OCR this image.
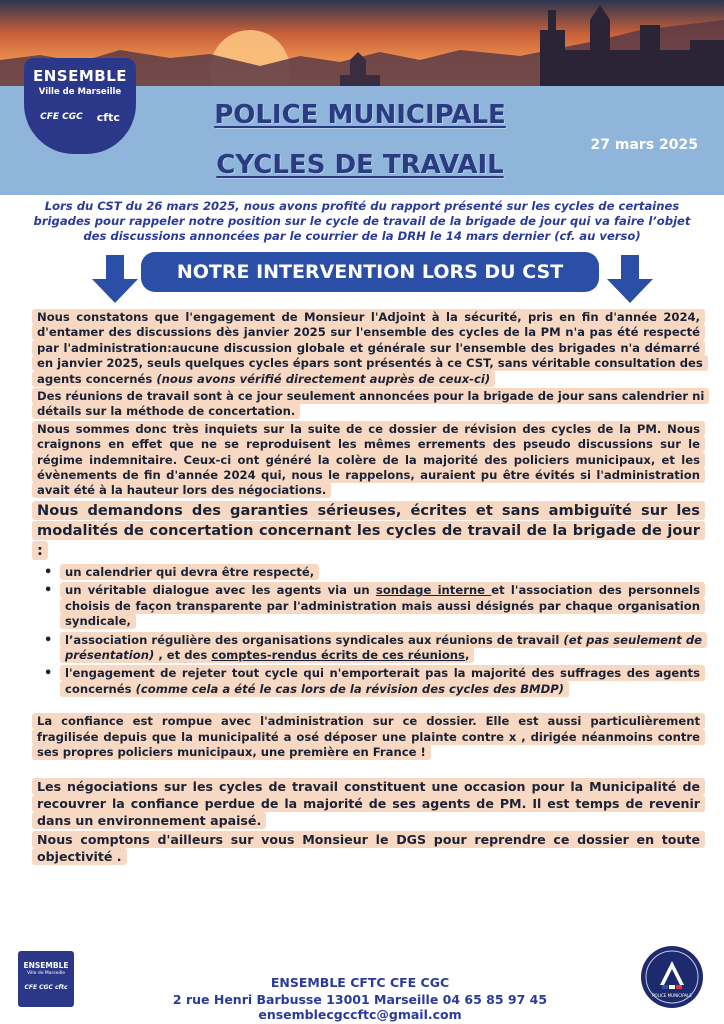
ENSEMBLE
Ville de Marseille
CFE CGC cftc	POLICE MUNICIPALE
CYCLES DE TRAVAIL
27 mars 2025
Lors du CST du 26 mars 2025, nous avons profité du rapport présenté sur les cycles de certaines brigades pour rappeler notre position sur le cycle de travail de la brigade de jour qui va faire l’objet des discussions annoncées par le courrier de la DRH le 14 mars dernier (cf. au verso)
NOTRE INTERVENTION LORS DU CST

Nous constatons que l'engagement de Monsieur l'Adjoint à la sécurité, pris en fin d'année 2024, d'entamer des discussions dès janvier 2025 sur l'ensemble des cycles de la PM n'a pas été respecté par l'administration:aucune discussion globale et générale sur l'ensemble des brigades n'a démarré en janvier 2025, seuls quelques cycles épars sont présentés à ce CST, sans véritable consultation des agents concernés (nous avons vérifié directement auprès de ceux-ci)

Des réunions de travail sont à ce jour seulement annoncées pour la brigade de jour sans calendrier ni détails sur la méthode de concertation.

Nous sommes donc très inquiets sur la suite de ce dossier de révision des cycles de la PM. Nous craignons en effet que ne se reproduisent les mêmes errements des pseudo discussions sur le régime indemnitaire. Ceux-ci ont généré la colère de la majorité des policiers municipaux, et les évènements de fin d'année 2024 qui, nous le rappelons, auraient pu être évités si l'administration avait été à la hauteur lors des négociations.

Nous demandons des garanties sérieuses, écrites et sans ambiguïté sur les modalités de concertation concernant les cycles de travail de la brigade de jour :

• un calendrier qui devra être respecté,
• un véritable dialogue avec les agents via un sondage interne et l'association des personnels choisis de façon transparente par l'administration mais aussi désignés par chaque organisation syndicale,
• l’association régulière des organisations syndicales aux réunions de travail (et pas seulement de présentation) , et des comptes-rendus écrits de ces réunions,
• l'engagement de rejeter tout cycle qui n'emporterait pas la majorité des suffrages des agents concernés (comme cela a été le cas lors de la révision des cycles des BMDP)

La confiance est rompue avec l'administration sur ce dossier. Elle est aussi particulièrement fragilisée depuis que la municipalité a osé déposer une plainte contre x , dirigée néanmoins contre ses propres policiers municipaux, une première en France !

Les négociations sur les cycles de travail constituent une occasion pour la Municipalité de recouvrer la confiance perdue de la majorité de ses agents de PM. Il est temps de revenir dans un environnement apaisé.

Nous comptons d'ailleurs sur vous Monsieur le DGS pour reprendre ce dossier en toute objectivité .

ENSEMBLE
Ville de Marseille
CFE CGC cftc	ENSEMBLE CFTC CFE CGC
2 rue Henri Barbusse 13001 Marseille 04 65 85 97 45 ensemblecgccftc@gmail.com
POLICE MUNICIPALE
